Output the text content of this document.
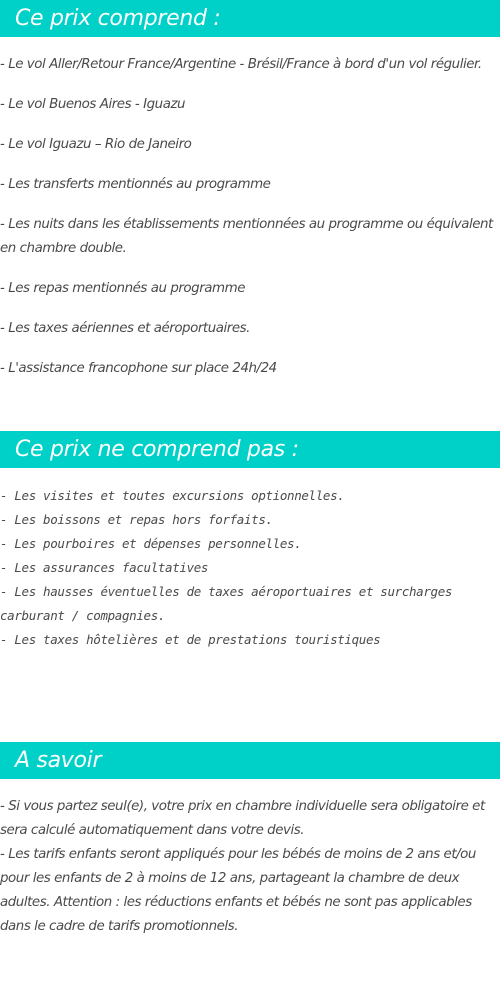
Ce prix comprend :
- Le vol Aller/Retour France/Argentine - Brésil/France à bord d'un vol régulier.
- Le vol Buenos Aires - Iguazu
- Le vol Iguazu – Rio de Janeiro
- Les transferts mentionnés au programme
- Les nuits dans les établissements mentionnées au programme ou équivalent en chambre double.
- Les repas mentionnés au programme
- Les taxes aériennes et aéroportuaires.
- L'assistance francophone sur place 24h/24
Ce prix ne comprend pas :
- Les visites et toutes excursions optionnelles.
- Les boissons et repas hors forfaits.
- Les pourboires et dépenses personnelles.
- Les assurances facultatives
- Les hausses éventuelles de taxes aéroportuaires et surcharges carburant / compagnies.
- Les taxes hôtelières et de prestations touristiques
A savoir
- Si vous partez seul(e), votre prix en chambre individuelle sera obligatoire et sera calculé automatiquement dans votre devis.
- Les tarifs enfants seront appliqués pour les bébés de moins de 2 ans et/ou pour les enfants de 2 à moins de 12 ans, partageant la chambre de deux adultes. Attention : les réductions enfants et bébés ne sont pas applicables dans le cadre de tarifs promotionnels.
